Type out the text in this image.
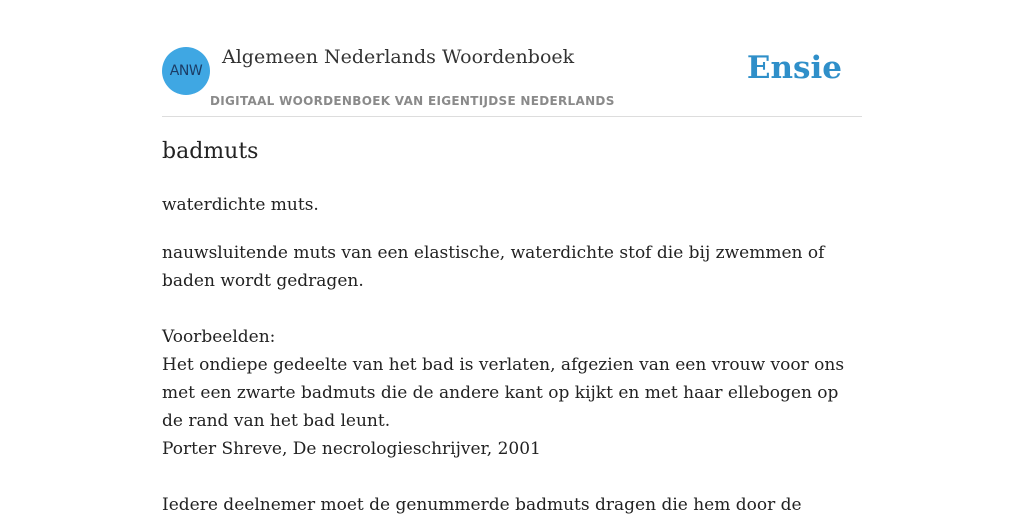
ANW
Algemeen Nederlands Woordenboek
DIGITAAL WOORDENBOEK VAN EIGENTIJDSE NEDERLANDS
Ensie
badmuts
waterdichte muts.

nauwsluitende muts van een elastische, waterdichte stof die bij zwemmen of baden wordt gedragen.

Voorbeelden:

Het ondiepe gedeelte van het bad is verlaten, afgezien van een vrouw voor ons met een zwarte badmuts die de andere kant op kijkt en met haar ellebogen op de rand van het bad leunt.

Porter Shreve, De necrologieschrijver, 2001

Iedere deelnemer moet de genummerde badmuts dragen die hem door de
